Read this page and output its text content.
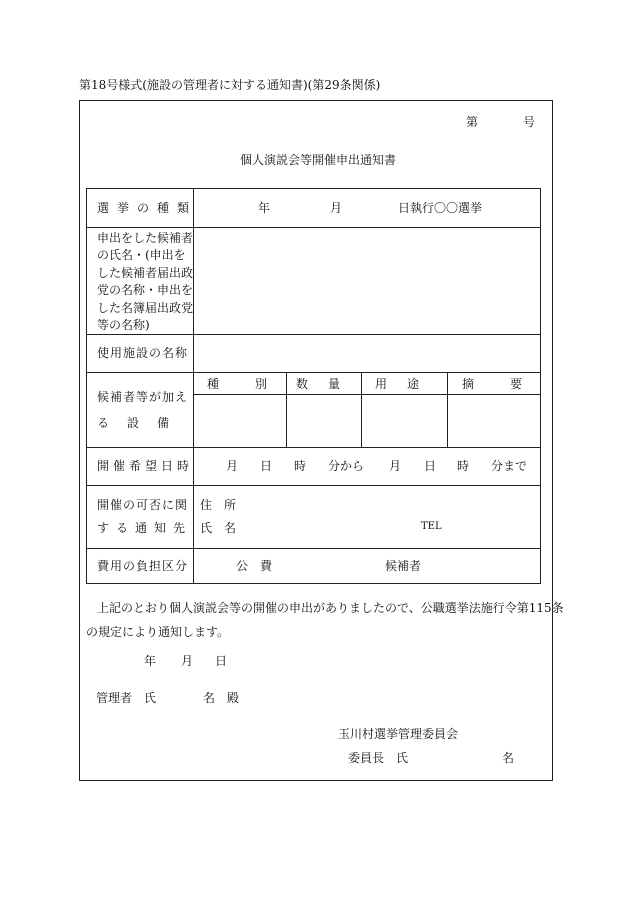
第18号様式(施設の管理者に対する通知書)(第29条関係)
第	号
個人演説会等開催申出通知書
選挙の種類	年	月	日執行〇〇選挙
申出をした候補者の氏名・(申出をした候補者届出政党の名称・申出をした名簿届出政党等の名称)
使用施設の名称
候補者等が加え
る　設　備
種　　別 数　量	用　途	摘　　要
開催希望日時	月 日 時 分から 月 日 時 分まで
開催の可否に関
する通知先
住　所
氏　名	TEL
費用の負担区分	公　費	候補者
上記のとおり個人演説会等の開催の申出がありましたので、公職選挙法施行令第115条
の規定により通知します。
年 月 日
管理者　氏	名　殿
玉川村選挙管理委員会
委員長　氏	名
